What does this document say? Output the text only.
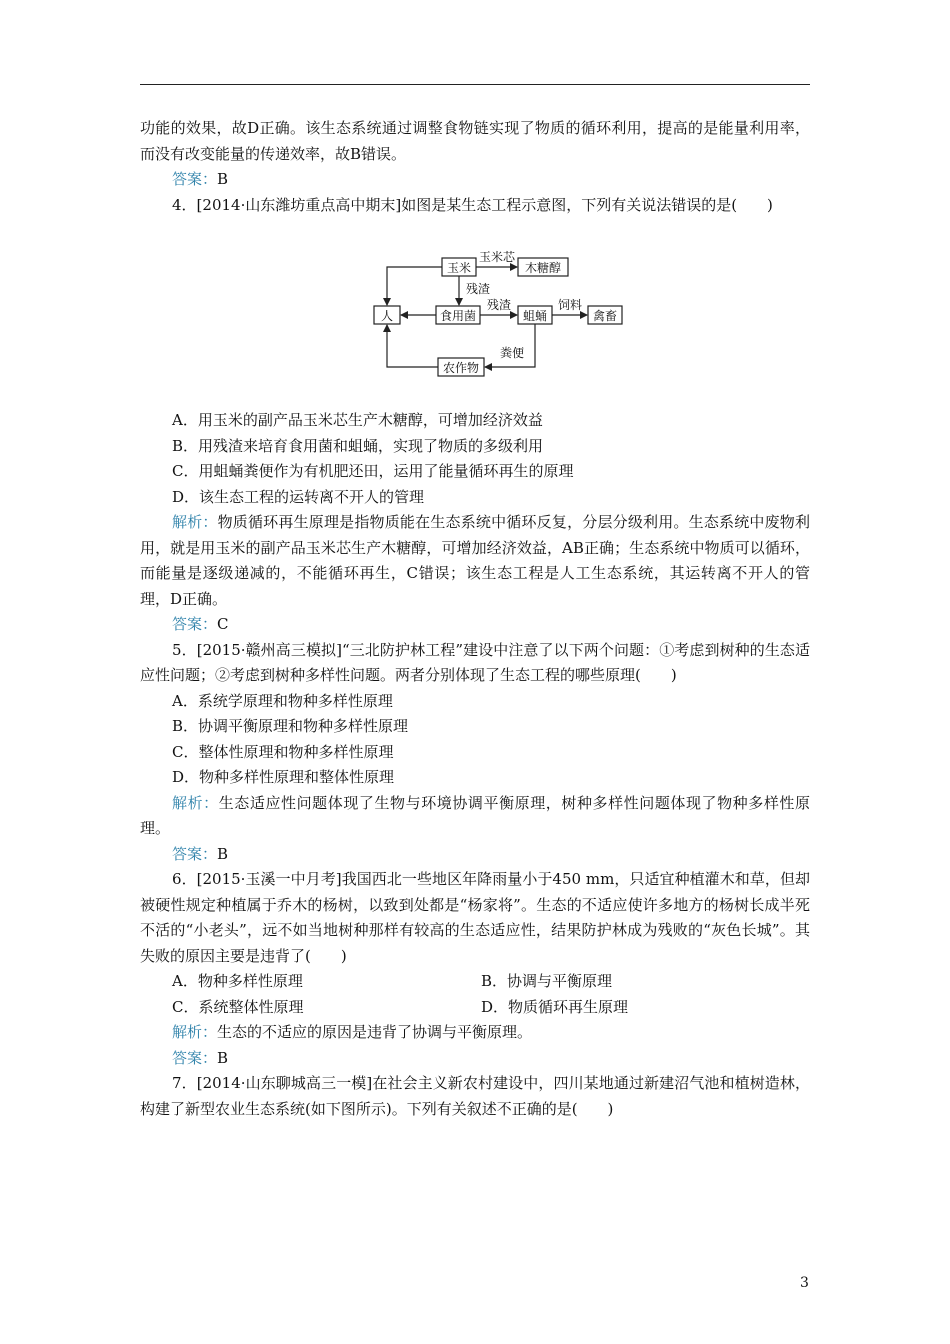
功能的效果，故D正确。该生态系统通过调整食物链实现了物质的循环利用，提高的是能量利用率，而没有改变能量的传递效率，故B错误。

答案：B

4．[2014·山东潍坊重点高中期末]如图是某生态工程示意图，下列有关说法错误的是(　　)

玉米	木糖醇
人	食用菌	蛆蛹	禽畜
农作物
玉米芯
残渣
残渣	饲料
粪便

A．用玉米的副产品玉米芯生产木糖醇，可增加经济效益

B．用残渣来培育食用菌和蛆蛹，实现了物质的多级利用

C．用蛆蛹粪便作为有机肥还田，运用了能量循环再生的原理

D．该生态工程的运转离不开人的管理

解析：物质循环再生原理是指物质能在生态系统中循环反复，分层分级利用。生态系统中废物利用，就是用玉米的副产品玉米芯生产木糖醇，可增加经济效益，AB正确；生态系统中物质可以循环，而能量是逐级递减的，不能循环再生，C错误；该生态工程是人工生态系统，其运转离不开人的管理，D正确。

答案：C

5．[2015·赣州高三模拟]“三北防护林工程”建设中注意了以下两个问题：①考虑到树种的生态适应性问题；②考虑到树种多样性问题。两者分别体现了生态工程的哪些原理(　　)

A．系统学原理和物种多样性原理

B．协调平衡原理和物种多样性原理

C．整体性原理和物种多样性原理

D．物种多样性原理和整体性原理

解析：生态适应性问题体现了生物与环境协调平衡原理，树种多样性问题体现了物种多样性原理。

答案：B

6．[2015·玉溪一中月考]我国西北一些地区年降雨量小于450 mm，只适宜种植灌木和草，但却被硬性规定种植属于乔木的杨树，以致到处都是“杨家将”。生态的不适应使许多地方的杨树长成半死不活的“小老头”，远不如当地树种那样有较高的生态适应性，结果防护林成为残败的“灰色长城”。其失败的原因主要是违背了(　　)

A．物种多样性原理	B．协调与平衡原理
C．系统整体性原理	D．物质循环再生原理

解析：生态的不适应的原因是违背了协调与平衡原理。

答案：B

7．[2014·山东聊城高三一模]在社会主义新农村建设中，四川某地通过新建沼气池和植树造林，构建了新型农业生态系统(如下图所示)。下列有关叙述不正确的是(　　)

3
